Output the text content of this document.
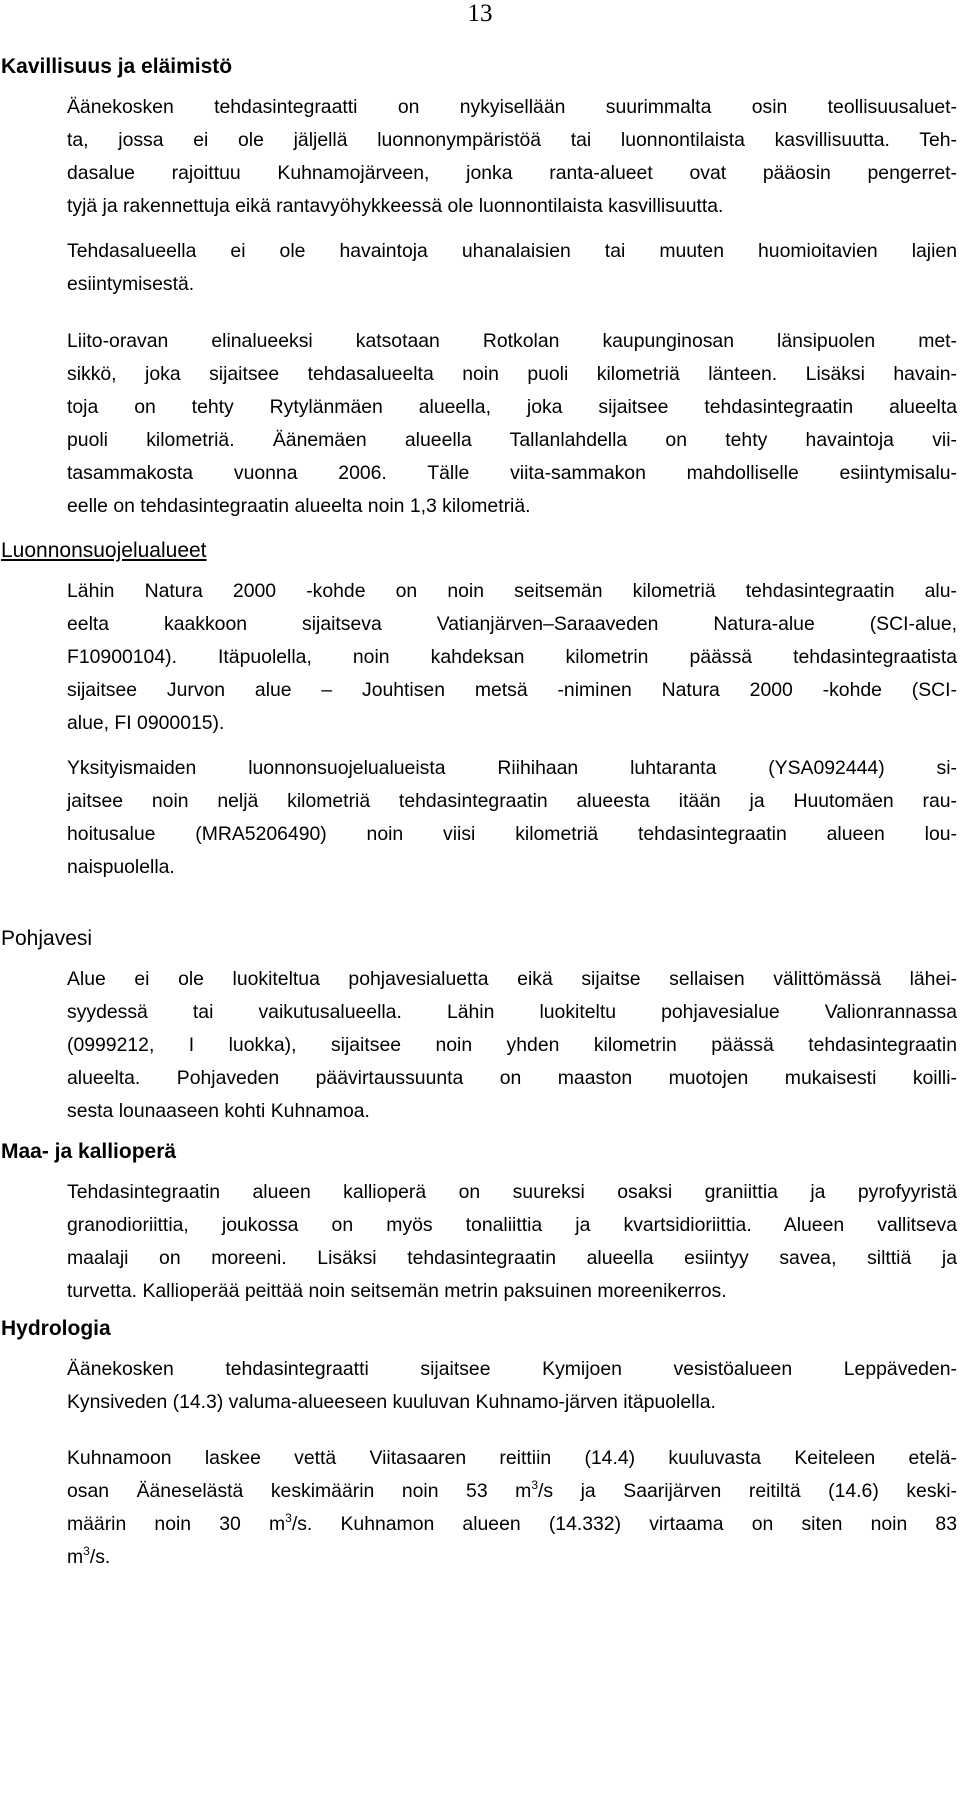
13
Kavillisuus ja eläimistö
Äänekosken tehdasintegraatti on nykyisellään suurimmalta osin teollisuusaluet-
ta, jossa ei ole jäljellä luonnonympäristöä tai luonnontilaista kasvillisuutta. Teh-
dasalue rajoittuu Kuhnamojärveen, jonka ranta-alueet ovat pääosin pengerret-
tyjä ja rakennettuja eikä rantavyöhykkeessä ole luonnontilaista kasvillisuutta.
Tehdasalueella ei ole havaintoja uhanalaisien tai muuten huomioitavien lajien
esiintymisestä.
Liito-oravan elinalueeksi katsotaan Rotkolan kaupunginosan länsipuolen met-
sikkö, joka sijaitsee tehdasalueelta noin puoli kilometriä länteen. Lisäksi havain-
toja on tehty Rytylänmäen alueella, joka sijaitsee tehdasintegraatin alueelta
puoli kilometriä. Äänemäen alueella Tallanlahdella on tehty havaintoja vii-
tasammakosta vuonna 2006. Tälle viita-sammakon mahdolliselle esiintymisalu-
eelle on tehdasintegraatin alueelta noin 1,3 kilometriä.
Luonnonsuojelualueet
Lähin Natura 2000 -kohde on noin seitsemän kilometriä tehdasintegraatin alu-
eelta kaakkoon sijaitseva Vatianjärven–Saraaveden Natura-alue (SCI-alue,
F10900104). Itäpuolella, noin kahdeksan kilometrin päässä tehdasintegraatista
sijaitsee Jurvon alue – Jouhtisen metsä -niminen Natura 2000 -kohde (SCI-
alue, FI 0900015).
Yksityismaiden luonnonsuojelualueista Riihihaan luhtaranta (YSA092444) si-
jaitsee noin neljä kilometriä tehdasintegraatin alueesta itään ja Huutomäen rau-
hoitusalue (MRA5206490) noin viisi kilometriä tehdasintegraatin alueen lou-
naispuolella.
Pohjavesi
Alue ei ole luokiteltua pohjavesialuetta eikä sijaitse sellaisen välittömässä lähei-
syydessä tai vaikutusalueella. Lähin luokiteltu pohjavesialue Valionrannassa
(0999212, I luokka), sijaitsee noin yhden kilometrin päässä tehdasintegraatin
alueelta. Pohjaveden päävirtaussuunta on maaston muotojen mukaisesti koilli-
sesta lounaaseen kohti Kuhnamoa.
Maa- ja kallioperä
Tehdasintegraatin alueen kallioperä on suureksi osaksi graniittia ja pyrofyyristä
granodioriittia, joukossa on myös tonaliittia ja kvartsidioriittia. Alueen vallitseva
maalaji on moreeni. Lisäksi tehdasintegraatin alueella esiintyy savea, silttiä ja
turvetta. Kallioperää peittää noin seitsemän metrin paksuinen moreenikerros.
Hydrologia
Äänekosken tehdasintegraatti sijaitsee Kymijoen vesistöalueen Leppäveden-
Kynsiveden (14.3) valuma-alueeseen kuuluvan Kuhnamo-järven itäpuolella.
Kuhnamoon laskee vettä Viitasaaren reittiin (14.4) kuuluvasta Keiteleen etelä-
osan Ääneselästä keskimäärin noin 53 $m^3/s$ ja Saarijärven reitiltä (14.6) keski-
määrin noin 30 $m^3/s$. Kuhnamon alueen (14.332) virtaama on siten noin 83
$m^3/s$.
